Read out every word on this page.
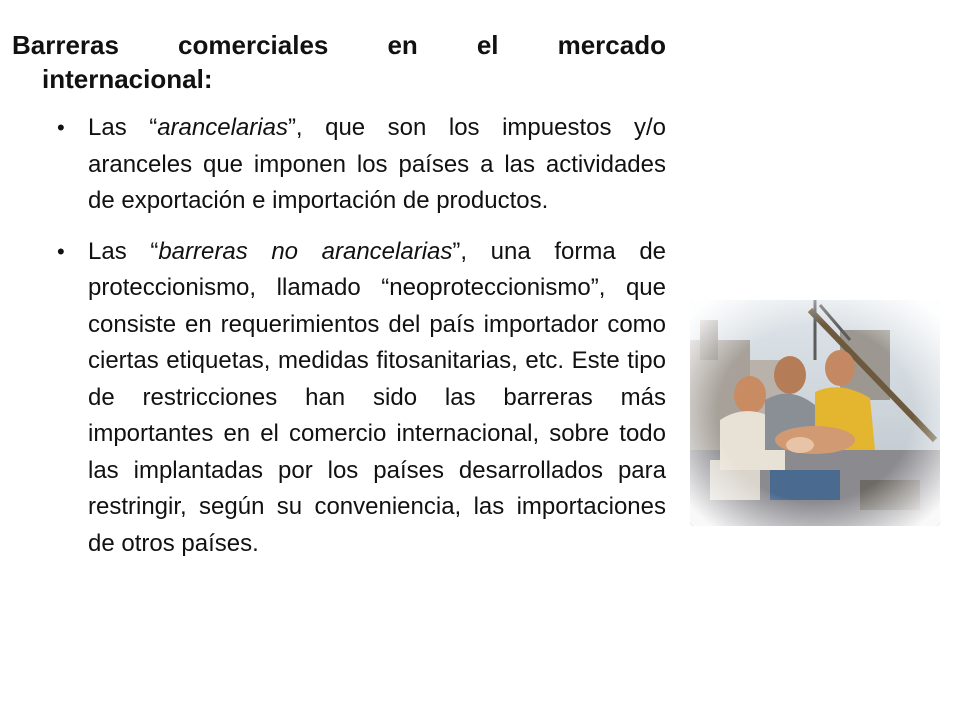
Barreras comerciales en el mercado
internacional:
• Las “arancelarias”, que son los impuestos y/o aranceles que imponen los países a las actividades de exportación e importación de productos.
• Las “barreras no arancelarias”, una forma de proteccionismo, llamado “neoproteccionismo”, que consiste en requerimientos del país importador como ciertas etiquetas, medidas fitosanitarias, etc. Este tipo de restricciones han sido las barreras más importantes en el comercio internacional, sobre todo las implantadas por los países desarrollados para restringir, según su conveniencia, las importaciones de otros países.
